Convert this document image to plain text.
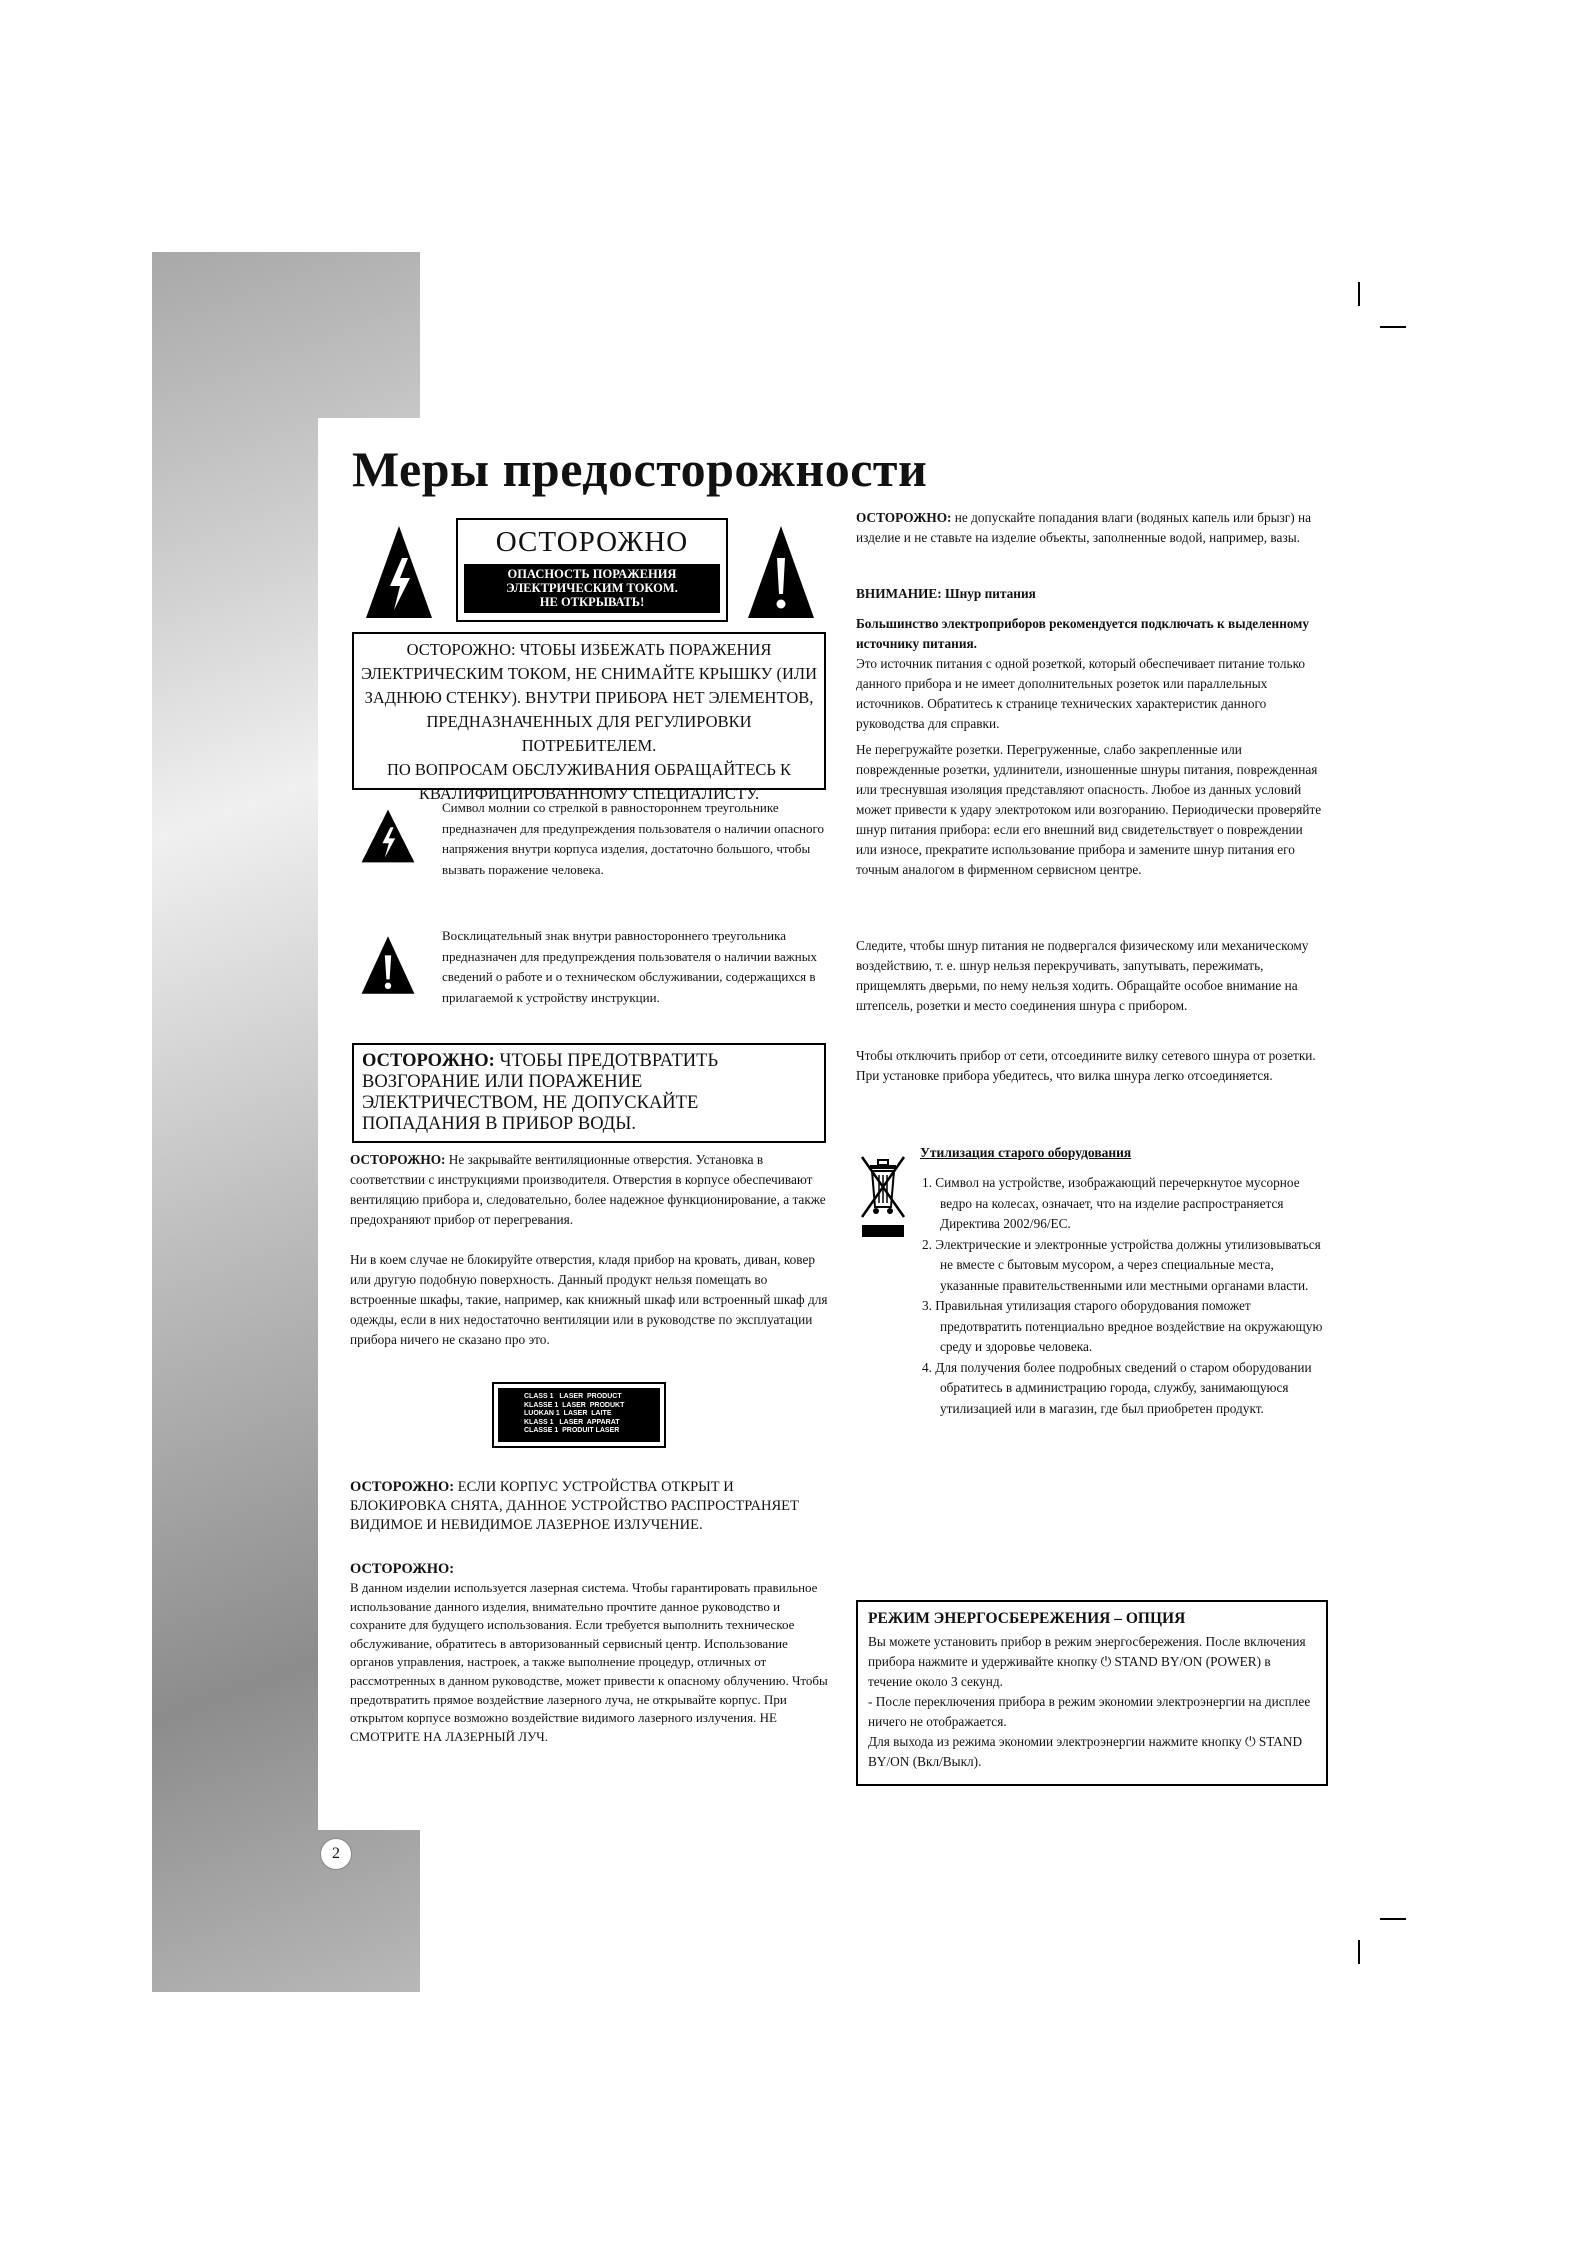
2
Меры предосторожности
ОСТОРОЖНО
ОПАСНОСТЬ ПОРАЖЕНИЯ
ЭЛЕКТРИЧЕСКИМ ТОКОМ.
НЕ ОТКРЫВАТЬ!
ОСТОРОЖНО: ЧТОБЫ ИЗБЕЖАТЬ ПОРАЖЕНИЯ
ЭЛЕКТРИЧЕСКИМ ТОКОМ, НЕ СНИМАЙТЕ КРЫШКУ (ИЛИ
ЗАДНЮЮ СТЕНКУ). ВНУТРИ ПРИБОРА НЕТ ЭЛЕМЕНТОВ,
ПРЕДНАЗНАЧЕННЫХ ДЛЯ РЕГУЛИРОВКИ ПОТРЕБИТЕЛЕМ.
ПО ВОПРОСАМ ОБСЛУЖИВАНИЯ ОБРАЩАЙТЕСЬ К
КВАЛИФИЦИРОВАННОМУ СПЕЦИАЛИСТУ.
Символ молнии со стрелкой в равностороннем треугольнике предназначен для предупреждения пользователя о наличии опасного напряжения внутри корпуса изделия, достаточно большого, чтобы вызвать поражение человека.
Восклицательный знак внутри равностороннего треугольника предназначен для предупреждения пользователя о наличии важных сведений о работе и о техническом обслуживании, содержащихся в прилагаемой к устройству инструкции.
ОСТОРОЖНО: ЧТОБЫ ПРЕДОТВРАТИТЬ ВОЗГОРАНИЕ ИЛИ ПОРАЖЕНИЕ ЭЛЕКТРИЧЕСТВОМ, НЕ ДОПУСКАЙТЕ ПОПАДАНИЯ В ПРИБОР ВОДЫ.
ОСТОРОЖНО: Не закрывайте вентиляционные отверстия. Установка в соответствии с инструкциями производителя. Отверстия в корпусе обеспечивают вентиляцию прибора и, следовательно, более надежное функционирование, а также предохраняют прибор от перегревания.
Ни в коем случае не блокируйте отверстия, кладя прибор на кровать, диван, ковер или другую подобную поверхность. Данный продукт нельзя помещать во встроенные шкафы, такие, например, как книжный шкаф или встроенный шкаф для одежды, если в них недостаточно вентиляции или в руководстве по эксплуатации прибора ничего не сказано про это.
CLASS 1   LASER  PRODUCT
KLASSE 1  LASER  PRODUKT
LUOKAN 1  LASER  LAITE
KLASS 1   LASER  APPARAT
CLASSE 1  PRODUIT LASER
ОСТОРОЖНО: ЕСЛИ КОРПУС УСТРОЙСТВА ОТКРЫТ И БЛОКИРОВКА СНЯТА, ДАННОЕ УСТРОЙСТВО РАСПРОСТРАНЯЕТ ВИДИМОЕ И НЕВИДИМОЕ ЛАЗЕРНОЕ ИЗЛУЧЕНИЕ.
ОСТОРОЖНО:
В данном изделии используется лазерная система. Чтобы гарантировать правильное использование данного изделия, внимательно прочтите данное руководство и сохраните для будущего использования. Если требуется выполнить техническое обслуживание, обратитесь в авторизованный сервисный центр. Использование органов управления, настроек, а также выполнение процедур, отличных от рассмотренных в данном руководстве, может привести к опасному облучению. Чтобы предотвратить прямое воздействие лазерного луча, не открывайте корпус. При открытом корпусе возможно воздействие видимого лазерного излучения. НЕ СМОТРИТЕ НА ЛАЗЕРНЫЙ ЛУЧ.
ОСТОРОЖНО: не допускайте попадания влаги (водяных капель или брызг) на изделие и не ставьте на изделие объекты, заполненные водой, например, вазы.
ВНИМАНИЕ: Шнур питания
Большинство электроприборов рекомендуется подключать к выделенному источнику питания.
Это источник питания с одной розеткой, который обеспечивает питание только данного прибора и не имеет дополнительных розеток или параллельных источников. Обратитесь к странице технических характеристик данного руководства для справки.
Не перегружайте розетки. Перегруженные, слабо закрепленные или поврежденные розетки, удлинители, изношенные шнуры питания, поврежденная или треснувшая изоляция представляют опасность. Любое из данных условий может привести к удару электротоком или возгоранию. Периодически проверяйте шнур питания прибора: если его внешний вид свидетельствует о повреждении или износе, прекратите использование прибора и замените шнур питания его точным аналогом в фирменном сервисном центре.
Следите, чтобы шнур питания не подвергался физическому или механическому воздействию, т. е. шнур нельзя перекручивать, запутывать, пережимать, прищемлять дверьми, по нему нельзя ходить. Обращайте особое внимание на штепсель, розетки и место соединения шнура с прибором.
Чтобы отключить прибор от сети, отсоедините вилку сетевого шнура от розетки. При установке прибора убедитесь, что вилка шнура легко отсоединяется.
Утилизация старого оборудования
1. Символ на устройстве, изображающий перечеркнутое мусорное ведро на колесах, означает, что на изделие распространяется Директива 2002/96/EC.
2. Электрические и электронные устройства должны утилизовываться не вместе с бытовым мусором, а через специальные места, указанные правительственными или местными органами власти.
3. Правильная утилизация старого оборудования поможет предотвратить потенциально вредное воздействие на окружающую среду и здоровье человека.
4. Для получения более подробных сведений о старом оборудовании обратитесь в администрацию города, службу, занимающуюся утилизацией или в магазин, где был приобретен продукт.
РЕЖИМ ЭНЕРГОСБЕРЕЖЕНИЯ – ОПЦИЯ
Вы можете установить прибор в режим энергосбережения. После включения прибора нажмите и удерживайте кнопку ⏻ STAND BY/ON (POWER) в течение около 3 секунд.
- После переключения прибора в режим экономии электроэнергии на дисплее ничего не отображается.
Для выхода из режима экономии электроэнергии нажмите кнопку ⏻ STAND BY/ON (Вкл/Выкл).
